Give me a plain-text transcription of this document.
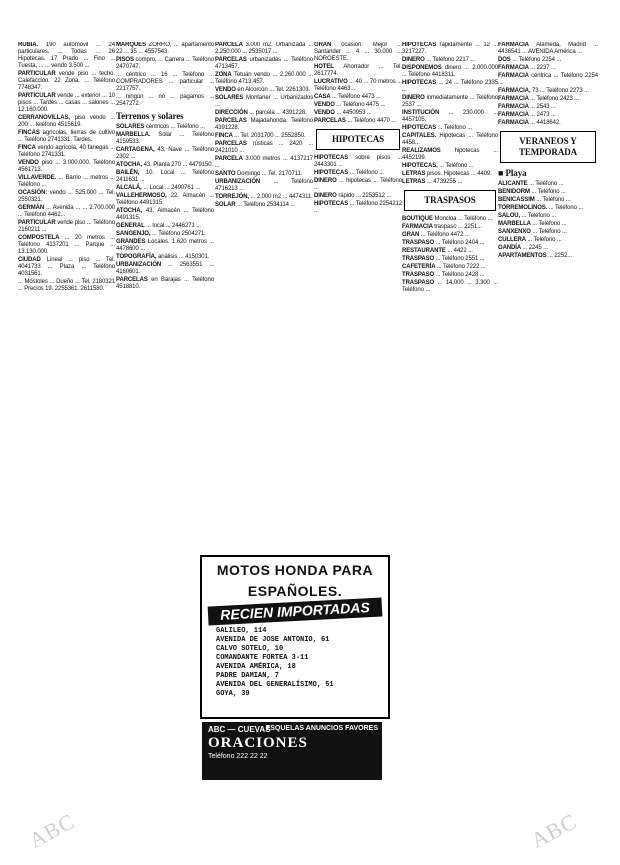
RUBIA. 190 automóvil ... 24 particulares. ... Todas ... 26 Hipotecas. 17 Prado ... Fino ... Tuesta, ... ... vendo 3.500 ...

PARTICULAR vende piso ... techo. Calefacción. 22 Zona. ... Teléfono 7748347.

PARTICULAR vende ... exterior ... 10 pisos ... Tardes ... casas ... salones ... 12.160.000.

CERRANOVILLAS, piso vendo ... 200 ... teléfono 4515619.

FINCAS agrícolas, tierras de cultivo ... Teléfono 2741331. Tardes.

FINCA vendo agrícola, 40 fanegas ... Teléfono 2741331.

VENDO piso ... 3.000.000. Teléfono 4561713.

VILLAVERDE. ... Barrio ... metros ... Teléfono ...

OCASIÓN: vendo ... 525.000 ... Tel. 2550321.

GERMÁN ... Avenida ... ... 2.700.000 ... Teléfono 4462...

PARTICULAR vende piso ... Teléfono 2160211 ...

COMPOSTELA ... 20 metros ... Teléfono 4137201 ... Parque ... 13.130.000.

CIUDAD Lineal ... piso ... Tel. 4041733 ... Plaza ... Teléfono 4031561.

... Móstoles ... Dueño ... Tel. 2180321 ... Precios 19. 2255361. 2611580.

MARQUÉS ZORRO, ... apartamento 22 ... 35 ... 4557543.

PISOS compro, ... Carrera ... Teléfono 2470747.

... céntrico ... 16 ... Teléfono ... COMPRADORES ... particular ... 2217757.

... ningún ... no ... pagamos ... 2547272.

Terrenos y solares

SOLARES céntricos ... Teléfono ...

MARBELLA. Solar ... Teléfono 4159533.

CARTAGENA, 43, Nave ... Teléfono 2302 ...

ATOCHA, 43. Planta 270 ... 4479150.

BAILÉN, 10. Local ... Teléfono 2411631 ...

ALCALÁ, ... Local ... 2490761 ...

VALLEHERMOSO, 22. Almacén ... Teléfono 4491315.

ATOCHA, 43. Almacén ... Teléfono 4491315.

GENERAL ... local ... 2446271 ...

SANGENJO, ... Teléfono 2504271.

GRANDES Locales. 1.620 metros ... 4478600 ...

TOPOGRAFÍA, análisis ... 4150301.

URBANIZACIÓN ... 2563551 ... 4160601.

PARCELAS en Barajas ... Teléfono 4518810.

PARCELA 3.000 m2. Urbanizada ... 2.250.000 ... 2535017 ...

PARCELAS urbanizadas ... Teléfono 4713457.

ZONA Tetuán vendo ... 2.260.000 ... Teléfono 4713.457.

VENDO en Alcorcón ... Tel. 2261303.

SOLARES Montaner ... Urbanizados ...

DIRECCIÓN ... parcela ... 4391228.

PARCELAS Majadahonda. Teléfono 4391228.

FINCA ... Tel. 2031700 ... 2552850.

PARCELAS rústicas ... 2420 ... 2421010 ...

PARCELA 3.000 metros ... 4137217 ...

SANTO Domingo ... Tel. 2170711.

URBANIZACIÓN ... Teléfono 4716213 ...

TORREJÓN, ... 2.000 m2 ... 4474311.

SOLAR ... Teléfono 2534114 ...

GRAN ocasión. Mejor ... Santander ... 4 ... 30.000 ... NOROESTE.

HOTEL Ahorrador ... Tel. 2617774.

LUCRATIVO ... 40 ... 70 metros ... Teléfono 4463...

CASA ... Teléfono 4473 ...

VENDO ... Teléfono 4475 ...

VENDO ... 4450953 ...

PARCELAS ... Teléfono 4470 ...

HIPOTECAS

HIPOTECAS sobre pisos ... 2443301 ...

HIPOTECAS ... Teléfono ...

DINERO ... hipotecas ... Teléfono ...

DINERO rápido ... 2253512 ...

HIPOTECAS ... Teléfono 2254212 ...

HIPOTECAS rápidamente ... 12 ... 3217227.

DINERO ... Teléfono 2217 ...

DISPONEMOS dinero ... 2.000.000 ... Teléfono 4418311.

HIPOTECAS ... 24 ... Teléfono 2335 ...

DINERO inmediatamente ... Teléfono 2537 ...

INSTITUCIÓN ... 230.000 ... 4457105.

HIPOTECAS ... Teléfono ...

CAPITALES. Hipotecas ... Teléfono 4458...

REALIZAMOS hipotecas ... 4452199.

HIPOTECAS, ... Teléfono ...

LETRAS pisos. Hipotecas ... 4409.

LETRAS ... 4739255 ...

TRASPASOS

BOUTIQUE Moncloa ... Teléfono ...

FARMACIA traspaso ... 2251...

GRAN ... Teléfono 4472 ...

TRASPASO ... Teléfono 2404 ...

RESTAURANTE ... 4422 ...

TRASPASO ... Teléfono 2551 ...

CAFETERÍA ... Teléfono 7222 ...

TRASPASO ... Teléfono 2428 ...

TRASPASO ... 14.000 ... 3.300 ... Teléfono ...

FARMACIA Alameda, Madrid ... 4436541 ... AVENIDA América ...

DOS ... Teléfono 2254 ...

FARMACIA ... 2237 ...

FARMACIA céntrica ... Teléfono 2254 ...

FARMACIA, 73 ... Teléfono 2273 ...

FARMACIA ... Teléfono 2423 ...

FARMACIA ... 2543 ...

FARMACIA ... 2473 ...

FARMACIA ... 4418642.

VERANEOS Y TEMPORADA
■ Playa

ALICANTE ... Teléfono ...

BENIDORM ... Teléfono ...

BENICASSIM ... Teléfono ...

TORREMOLINOS. ... Teléfono ...

SALOU, ... Teléfono ...

MARBELLA ... Teléfono ...

SANXENXO ... Teléfono ...

CULLERA ... Teléfono ...

GANDÍA ... 2245 ...

APARTAMENTOS ... 2252...

MOTOS HONDA PARA
ESPAÑOLES.
RECIEN IMPORTADAS
GALILEO, 114
AVENIDA DE JOSE ANTONIO, 61
CALVO SOTELO, 10
COMANDANTE FORTEA 3-11
AVENIDA AMÉRICA, 18
PADRE DAMIAN, 7
AVENIDA DEL GENERALÍSIMO, 51
GOYA, 39
ABC — CUEVAS
ESQUELAS ANUNCIOS FAVORES
ORACIONES
Teléfono 222 22 22
ABC	ABC
